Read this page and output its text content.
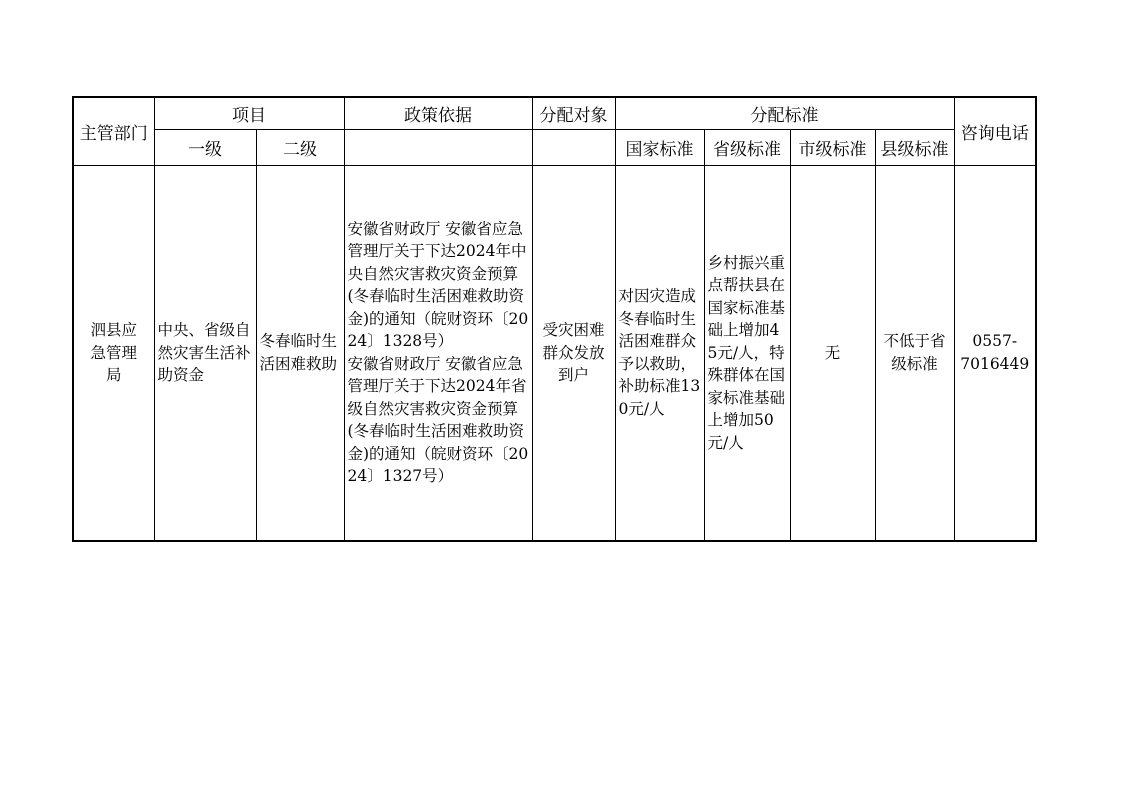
主管部门	项目		政策依据	分配对象	分配标准				咨询电话
	一级	二级			国家标准	省级标准	市级标准	县级标准	

泗县应急管理局	中央、省级自然灾害生活补助资金	冬春临时生活困难救助	安徽省财政厅 安徽省应急管理厅关于下达2024年中央自然灾害救灾资金预算(冬春临时生活困难救助资金)的通知（皖财资环〔2024〕1328号）
安徽省财政厅 安徽省应急管理厅关于下达2024年省级自然灾害救灾资金预算(冬春临时生活困难救助资金)的通知（皖财资环〔2024〕1327号）	受灾困难群众发放到户	对因灾造成冬春临时生活困难群众予以救助，补助标准130元/人	乡村振兴重点帮扶县在国家标准基础上增加45元/人，特殊群体在国家标准基础上增加50元/人	无	不低于省级标准	0557-
7016449
